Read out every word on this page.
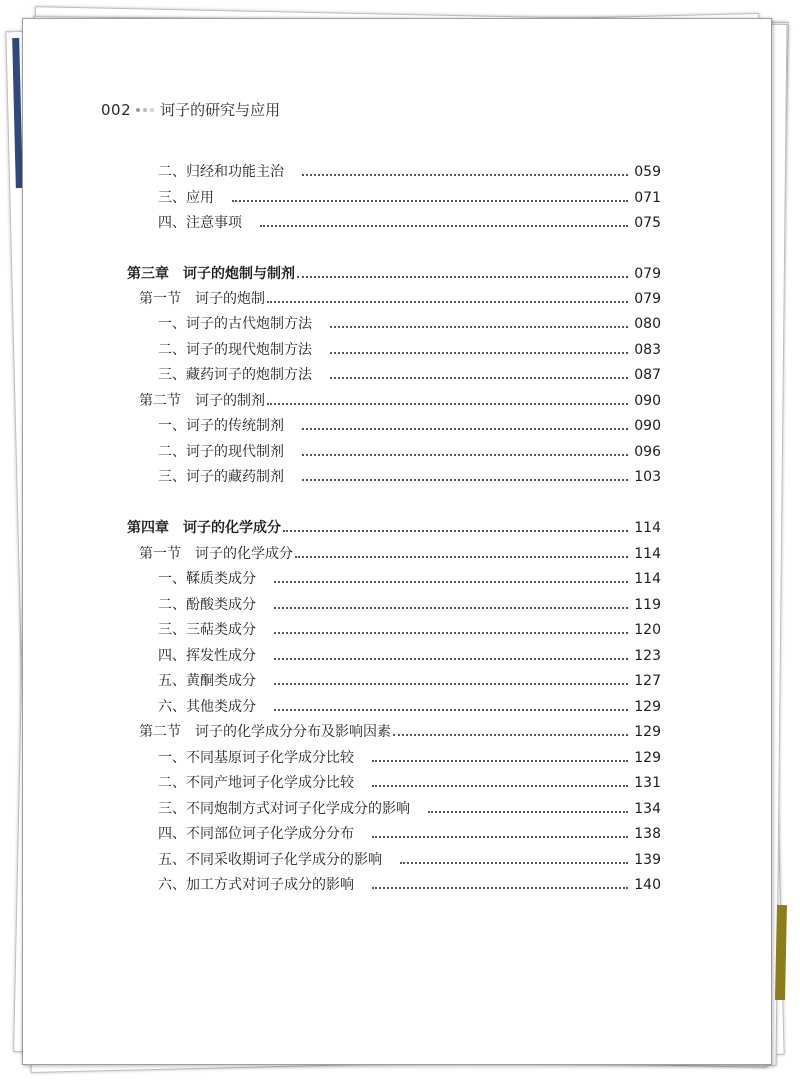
002 诃子的研究与应用
二、归经和功能主治	059
三、应用	071
四、注意事项	075
第三章　诃子的炮制与制剂	079
第一节　诃子的炮制	079
一、诃子的古代炮制方法	080
二、诃子的现代炮制方法	083
三、藏药诃子的炮制方法	087
第二节　诃子的制剂	090
一、诃子的传统制剂	090
二、诃子的现代制剂	096
三、诃子的藏药制剂	103
第四章　诃子的化学成分	114
第一节　诃子的化学成分	114
一、鞣质类成分	114
二、酚酸类成分	119
三、三萜类成分	120
四、挥发性成分	123
五、黄酮类成分	127
六、其他类成分	129
第二节　诃子的化学成分分布及影响因素	129
一、不同基原诃子化学成分比较	129
二、不同产地诃子化学成分比较	131
三、不同炮制方式对诃子化学成分的影响	134
四、不同部位诃子化学成分分布	138
五、不同采收期诃子化学成分的影响	139
六、加工方式对诃子成分的影响	140
